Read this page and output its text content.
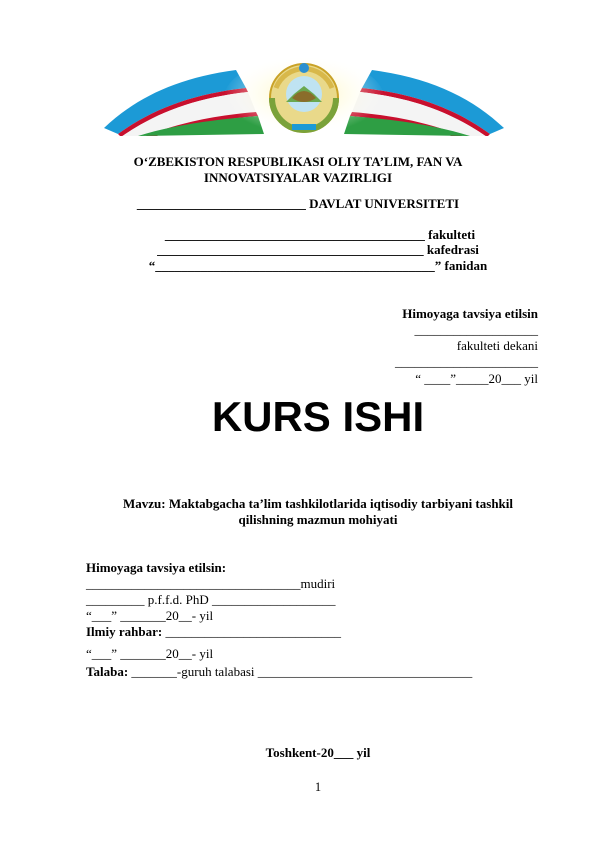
O‘ZBEKISTON RESPUBLIKASI OLIY TA’LIM, FAN VA
INNOVATSIYALAR VAZIRLIGI
__________________________ DAVLAT UNIVERSITETI
________________________________________ fakulteti
_________________________________________ kafedrasi
“___________________________________________” fanidan
Himoyaga tavsiya etilsin
___________________
fakulteti dekani
______________________
“ ____”_____20___ yil
KURS ISHI
Mavzu: Maktabgacha ta’lim tashkilotlarida iqtisodiy tarbiyani tashkil
qilishning mazmun mohiyati
Himoyaga tavsiya etilsin:
_________________________________mudiri
_________ p.f.f.d. PhD ___________________
“___” _______20__- yil
Ilmiy rahbar: ___________________________
“___” _______20__- yil
Talaba: _______-guruh talabasi _________________________________
Toshkent-20___ yil
1
